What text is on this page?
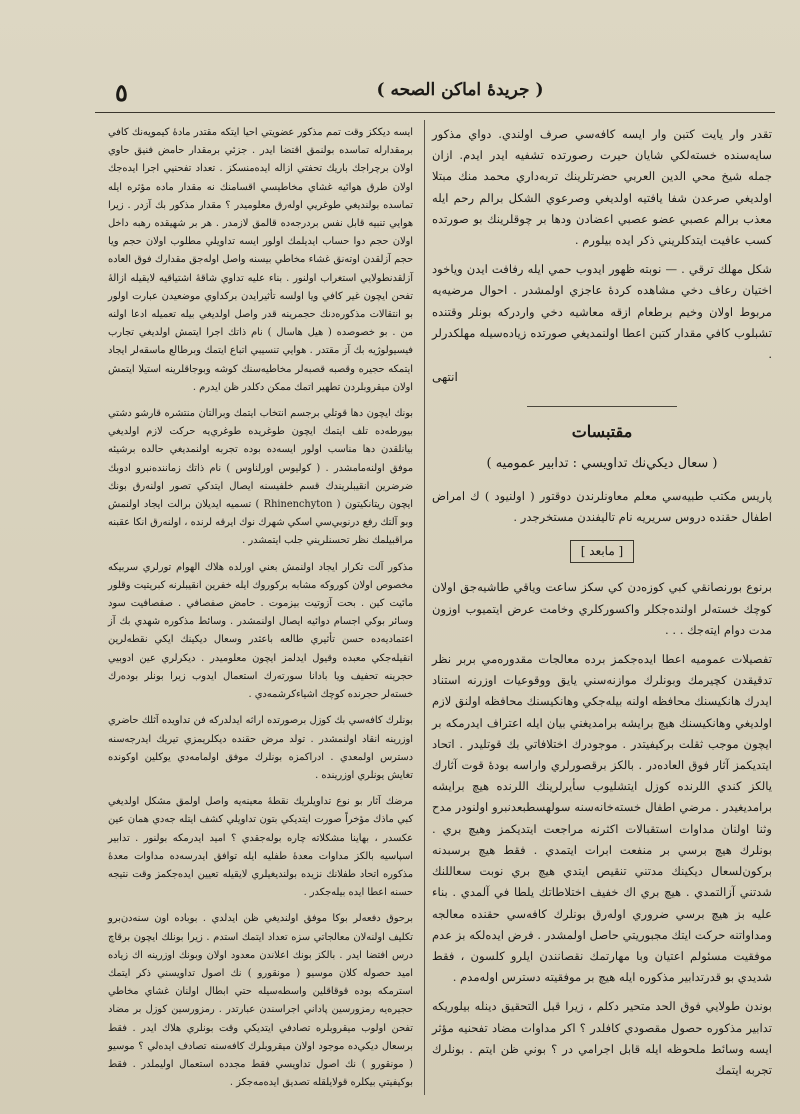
٥	( جريدهٔ اماكن الصحه )

تقدر وار يايت كتبن وار ايسه كافه‌سي صرف اولندي. دواي مذكور سايه‌سنده خسته‌لكي شايان حيرت رصورتده تشفيه ايدر ايدم. ازان جمله شيخ محي الدين العربي حضرتلرينك تربه‌داري محمد منك مبتلا اولديغي صرعدن شفا يافتيه اولديغي وصرعوي الشكل برالم رحم ايله معذب برالم عصبي عضو عصبي اعضادن ودها بر چوقلرينك بو صورتده كسب عافيت ايتدكلريني ذكر ايده بيلورم .

شكل مهلك ترقي . — نوبته ظهور ايدوب حمي ايله رفافت ايدن وياخود اختيان رعاف دخي مشاهده كردهٔ عاجزي اولمشدر . احوال مرضيه‌يه مربوط اولان وخيم برطعام ازقه معاشيه دخي واردركه بونلر وقتنده تشبلوب كافي مقدار كتبن اعطا اولنمديغي صورتده زياده‌سيله مهلكدرلر .

انتهى
مقتبسات
( سعال ديكي‌نك تداويسي : تدابير عموميه )

پاريس مكتب طبيه‌سي معلم معاونلرندن دوقتور ( اولنيود ) ك امراض اطفال حقنده دروس سريريه نام تاليفندن مستخرجدر .

[ مابعد ]

برنوع بورنصانقي كبي كوزه‌دن كي سكز ساعت وياقي طاشيه‌جق اولان كوچك خسته‌لر اولنده‌جكلر واكسوركلري وخامت عرض ايتميوب اوزون مدت دوام ايته‌جك . . .

تفصيلات عموميه اعطا ايده‌جكمز برده معالجات مقدوره‌مي بربر نظر تدقيقدن كچيرمك وبونلرك موازنه‌سني يايق ووقوعيات اوزرنه استناد ايدرك هانكيسنك محافظه اولنه بيله‌جكي وهانكيسنك محافظه اولنق لازم اولديغي وهانكيسنك هيچ برايشه برامديغني بيان ايله اعتراف ايدرمكه بر ايچون موجب ثقلت بركيفيتدر . موجودرك اختلافاتي بك قوتليدر . اتحاد ايتديكمز آثار فوق العاده‌در . بالكز برقصورلري واراسه بودهٔ قوت آثارك يالكز كندي اللرنده كوزل ايتشليوب سأيرلرينك اللرنده هيچ برايشه برامديغيدر . مرضي اطفال خسته‌خانه‌سنه سولهسطبعدنبرو اولنودر مدح وثنا اولنان مداوات استقبالات اكثرنه مراجعت ايتديكمز وهيچ بري . بونلرك هيچ برسي بر منفعت ابرات ايتمدي . فقط هيچ برسبدنه بركون‌لسعال ديكينك مدتني تنقيص ايتدي هيچ بري نوبت سعاللنك شدتني آزالتمدي . هيچ بري اك خفيف اختلاطاتك يلطا في آلمدي . بناء عليه بز هيچ برسي ضروري اوله‌رق بونلرك كافه‌سي حقنده معالجه ومداواتنه حركت ايتك مجبوريتي حاصل اولمشدر . فرض ايده‌لكه بز عدم موفقيت مسئولم اعتيان وبا مهارتمك نقصانندن ايلرو كلسون ، فقط شديدي بو قدرتدابير مذكوره ايله هيچ بر موفقيته دسترس اوله‌مدم .

بوندن طولايي فوق الحد متحير دكلم ، زيرا قبل التحقيق دينله بيلوريكه تدابير مذكوره حصول مقصودي كافلدر ؟ اكر مداوات مضاد تفحنيه مؤثر ايسه وسائط ملحوظه ايله قابل اجرامي در ؟ بوني ظن ايتم . بونلرك تجربه ايتمك

ايسه ديككز وقت تمم مذكور عضويتي احيا ايتكه مقتدر مادهٔ كيمويه‌نك كافي برمقدارله تماسده بولنمق اقتضا ايدر . جزئي برمقدار حامض فنيق حاوي اولان برچراجك باريك تحفتي ازاله ايده‌منسكز . تعداد تفحنيي اجرا ايده‌جك اولان طرق هوائيه غشاي مخاطيسي اقسامنك نه مقدار ماده مؤثره ايله تماسده بولنديغي طوغريي اوله‌رق معلوميدر ؟ مقدار مذكور بك آزدر . زيرا هوايي تنبيه قابل نفس بردرجه‌ده قالمق لازمدر . هر بر شهيقده رهبه داخل اولان حجم دوا حساب ايديلمك اولور ايسه تداويلي مطلوب اولان حجم ويا حجم آزلقدن اوته‌نق غشاء مخاطي بيسنه واصل اوله‌جق مقدارك فوق العاده آزلقدنطولايي استغراب اولنور . بناء عليه تداوي شاقهٔ اشتياقيه لايقيله ازالهٔ تفحن ايچون غير كافي ويا اولسه تأثيرايدن بركداوي موضعيدن عبارت اولور بو انتقالات مذكوره‌دنك حجمرينه قدر واصل اولديغي بيله تعميله ادعا اولنه من . بو خصوصده ( هيل هاسال ) نام ذاتك اجرا ايتمش اولديغي تجارب فيسيولوژيه بك آز مقتدر . هوايي تنسيبي اتباع ايتمك وبرطالع ماسقه‌لر ايجاد ايتمكه حجيره وقصبه قصبه‌لر مخاطيه‌سنك كوشه وبوجاقلرينه استيلا ايتمش اولان ميقروبلردن تطهير اتمك ممكن دكلدر ظن ايدرم .

بونك ايچون دها قوتلي برجسم انتخاب ايتمك وبرالتان منتشره قارشو دشتي بيورطه‌ده تلف ايتمك ايچون طوغريده طوغري‌يه حركت لازم اولديغي بيانلقدن دها مناسب اولور ايسه‌ده بوده تجربه اولنمديغي حالده برشيئه موفق اولنه‌مامشدر . ( كوليوس اورلناوس ) نام ذاتك زماننده‌نبرو ادوبك ضرضرين انقيبلريندك قسم خلفيسنه ايصال ايتدكي تصور اولنه‌رق بونك ايچون ريتانكيتون ( Rhinenchyton ) تسميه ايديلان برالت ايجاد اولنمش وبو آلتك رفع درنوبي‌سي اسكي شهرك نوك ايرقه لرنده ، اولنه‌رق انكا عقبنه مراقبيلمك نظر تحسنلريني جلب ايتمشدر .

مذكور آلت تكرار ايجاد اولنمش بعني اورلده هلاك الهوام تورلري سربيكه مخصوص اولان كوروكه مشابه بركوروك ايله خفرين انقيبلرنه كبريتيت وقلور مائيت كين . بحت آزوتيت بيزموت . حامض صفصافي . صفصافيت سود وسائر بوكي اجسام دوائيه ايصال اولنمشدر . وسائط مذكوره شهدي بك آز اعتماديه‌ده حسن تأثيري طالعه باعثدر وسعال ديكينك ايكي نقطه‌لرين انقيله‌جكي معبده وقيول ايدلمز ايچون معلوميدر . ديكرلري عين ادوبيي حجرينه تحفيف ويا بادانا سورته‌رك استعمال ايدوب زيرا بونلر بوده‌رك خسته‌لر حجرنده كوچك اشياءكرشمه‌دي .

بونلرك كافه‌سي بك كوزل برصورتده اراثه ايدلدركه فن تداويده آثلك حاضري اوزرينه انقاد اولنمشدر . تولد مرض حقنده ديكلريمزي تيريك ايدرجه‌سنه دسترس اولمعدي . ادراكمزه بونلرك موفق اولمامه‌دي يوكلين اوكونده تغايش يونلري اوزرينده .

مرضك آثار بو نوع تداويلريك نقطهٔ معينه‌يه واصل اولمق مشكل اولديغي كبي ماذك مؤخراً صورت ايتديكي بتون تداويلي كشف ايتله جه‌دي همان عين عكسدر ، بهاينا مشكلاته چاره بوله‌جقدي ؟ اميد ايدرمكه بولنور . تدابير اسپاسيه بالكز مداوات معدهٔ طفليه ايله توافق ايدرسه‌ده مداوات معدهٔ مذكوره اتحاد طفلانك نزيده بولنديغيلري لايقيله تعيين ايده‌جكمز وقت نتيجه حسنه اعطا ايده بيله‌جكدر .

برحوق دفعه‌لر بوكا موفق اولنديغي ظن ايدلدي . بوباده اون سنه‌دن‌برو تكليف اولنه‌لان معالجاتي سزه تعداد ايتمك استدم . زيرا بونلك ايچون برقاچ درس افتضا ايدر . بالكز بونك اعلاندن معدود اولان وبونك اوزرينه اك زياده اميد حصوله كلان موسيو ( مونقورو ) نك اصول تداويسني ذكر ايتمك استرمكه بوده قوقاقلين واسطه‌سيله حتي ابطال اولنان غشاي مخاطي حجيره‌يه رمزورسين پاداني اجراسندن عبارتدر . رمزورسين كوزل بر مضاد تفحن اولوب ميقروبلره تصادفي ايتديكي وقت بونلري هلاك ايدر . فقط برسعال ديكي‌ده موجود اولان ميقروبلرك كافه‌سنه تصادف ايده‌لي ؟ موسيو ( مونقورو ) نك اصول تداويسي فقط مجدده استعمال اوليملدر . فقط بوكيفيتي بيكلره قولايلقله تصديق ايده‌مه‌جكز .
